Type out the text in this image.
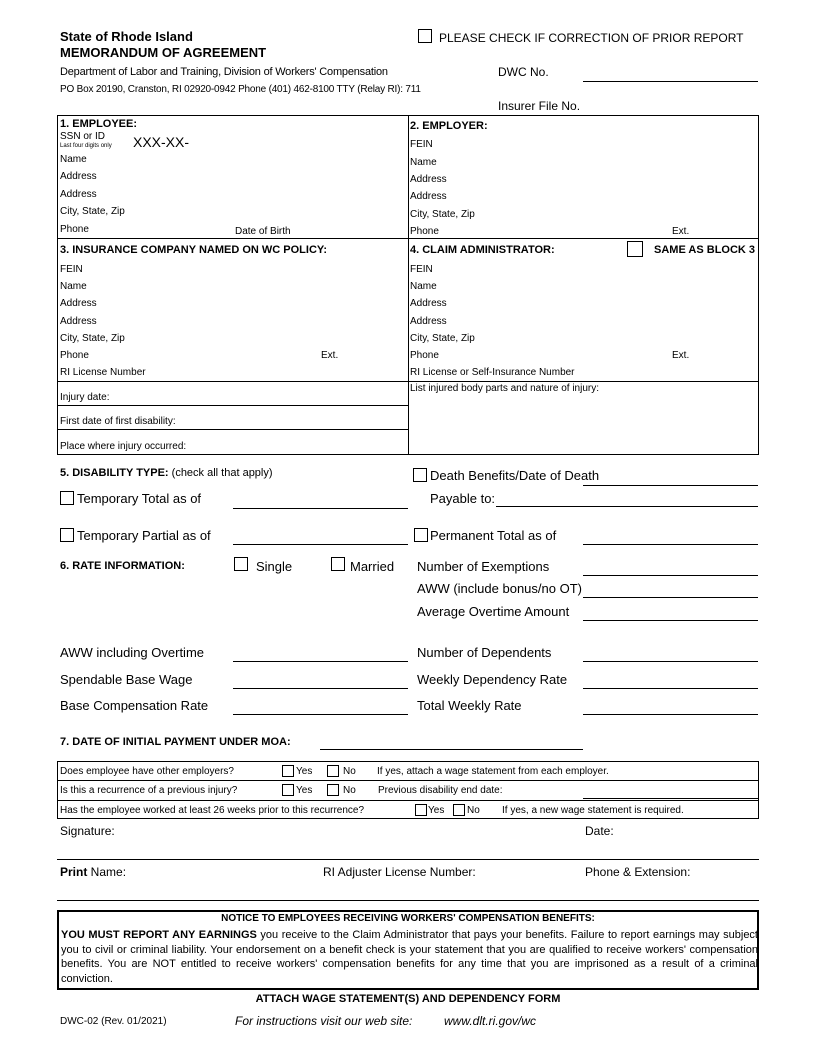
State of Rhode Island
MEMORANDUM OF AGREEMENT
Department of Labor and Training, Division of Workers' Compensation
PO Box 20190, Cranston, RI 02920-0942 Phone (401) 462-8100 TTY (Relay RI): 711
PLEASE CHECK IF CORRECTION OF PRIOR REPORT
DWC No.
Insurer File No.
1. EMPLOYEE:
SSN or ID
Last four digits only XXX-XX-
Name
Address
Address
City, State, Zip
Phone	Date of Birth
2. EMPLOYER:
FEIN
Name
Address
Address
City, State, Zip
Phone	Ext.
3. INSURANCE COMPANY NAMED ON WC POLICY:
FEIN
Name
Address
Address
City, State, Zip
Phone	Ext.
RI License Number
4. CLAIM ADMINISTRATOR:	SAME AS BLOCK 3
FEIN
Name
Address
Address
City, State, Zip
Phone	Ext.
RI License or Self-Insurance Number
Injury date:
First date of first disability:
Place where injury occurred:
List injured body parts and nature of injury:
5. DISABILITY TYPE: (check all that apply)	Death Benefits/Date of Death
Temporary Total as of	Payable to:
Temporary Partial as of	Permanent Total as of
6. RATE INFORMATION:	Single	Married Number of Exemptions
AWW (include bonus/no OT)
Average Overtime Amount
AWW including Overtime	Number of Dependents
Spendable Base Wage	Weekly Dependency Rate
Base Compensation Rate	Total Weekly Rate
7. DATE OF INITIAL PAYMENT UNDER MOA:
Does employee have other employers?	Yes	No If yes, attach a wage statement from each employer.
Is this a recurrence of a previous injury?	Yes	No Previous disability end date:
Has the employee worked at least 26 weeks prior to this recurrence?	Yes No If yes, a new wage statement is required.
Signature:	Date:
Print Name:	RI Adjuster License Number:	Phone & Extension:
NOTICE TO EMPLOYEES RECEIVING WORKERS' COMPENSATION BENEFITS:
YOU MUST REPORT ANY EARNINGS you receive to the Claim Administrator that pays your benefits. Failure to report earnings may subject you to civil or criminal liability. Your endorsement on a benefit check is your statement that you are qualified to receive workers' compensation benefits. You are NOT entitled to receive workers' compensation benefits for any time that you are imprisoned as a result of a criminal conviction.
ATTACH WAGE STATEMENT(S) AND DEPENDENCY FORM
DWC-02 (Rev. 01/2021)	For instructions visit our web site:	www.dlt.ri.gov/wc
